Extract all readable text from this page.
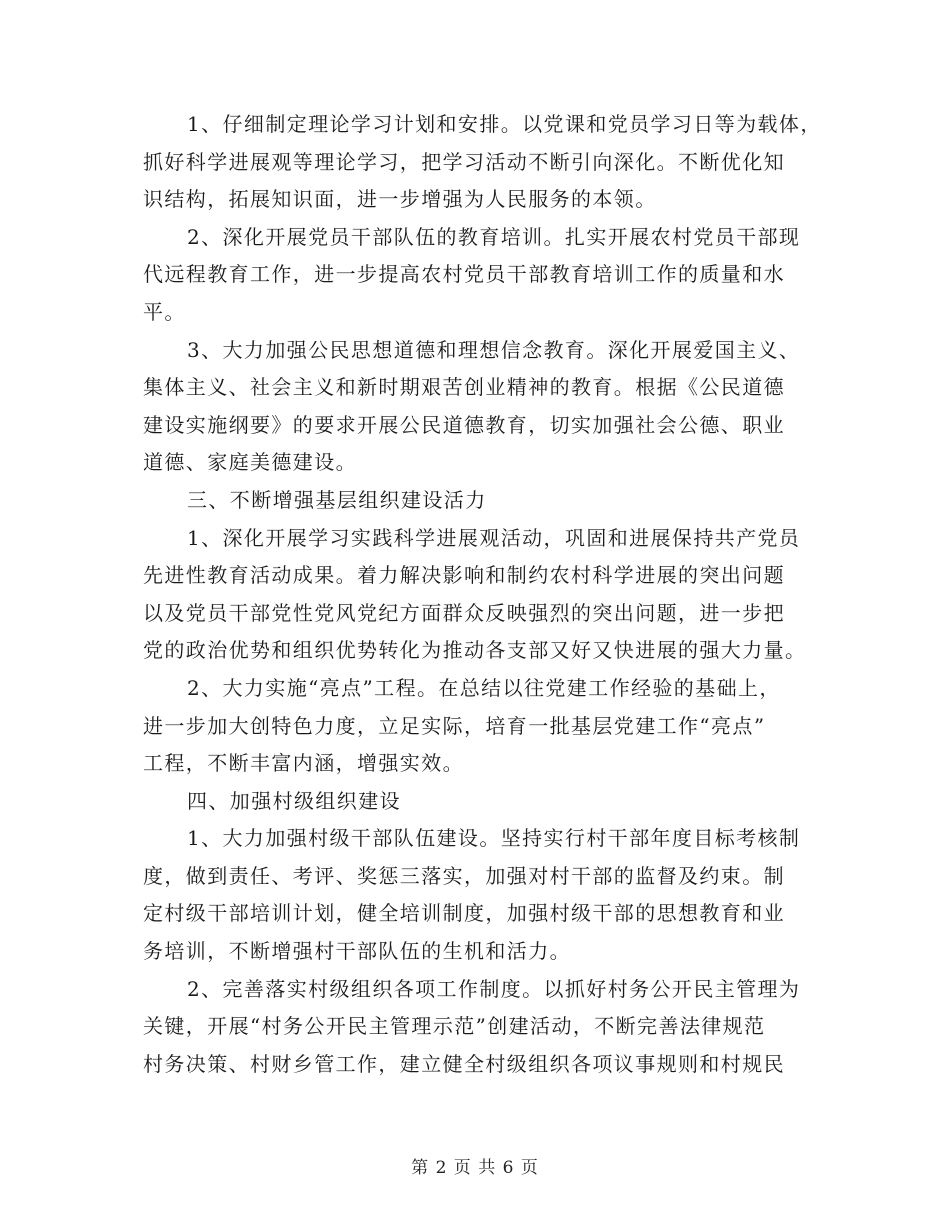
1、仔细制定理论学习计划和安排。以党课和党员学习日等为载体，
抓好科学进展观等理论学习，把学习活动不断引向深化。不断优化知
识结构，拓展知识面，进一步增强为人民服务的本领。
2、深化开展党员干部队伍的教育培训。扎实开展农村党员干部现
代远程教育工作，进一步提高农村党员干部教育培训工作的质量和水
平。
3、大力加强公民思想道德和理想信念教育。深化开展爱国主义、
集体主义、社会主义和新时期艰苦创业精神的教育。根据《公民道德
建设实施纲要》的要求开展公民道德教育，切实加强社会公德、职业
道德、家庭美德建设。
三、不断增强基层组织建设活力
1、深化开展学习实践科学进展观活动，巩固和进展保持共产党员
先进性教育活动成果。着力解决影响和制约农村科学进展的突出问题
以及党员干部党性党风党纪方面群众反映强烈的突出问题，进一步把
党的政治优势和组织优势转化为推动各支部又好又快进展的强大力量。
2、大力实施“亮点”工程。在总结以往党建工作经验的基础上，
进一步加大创特色力度，立足实际，培育一批基层党建工作“亮点”
工程，不断丰富内涵，增强实效。
四、加强村级组织建设
1、大力加强村级干部队伍建设。坚持实行村干部年度目标考核制
度，做到责任、考评、奖惩三落实，加强对村干部的监督及约束。制
定村级干部培训计划，健全培训制度，加强村级干部的思想教育和业
务培训，不断增强村干部队伍的生机和活力。
2、完善落实村级组织各项工作制度。以抓好村务公开民主管理为
关键，开展“村务公开民主管理示范”创建活动，不断完善法律规范
村务决策、村财乡管工作，建立健全村级组织各项议事规则和村规民
第 2 页 共 6 页
